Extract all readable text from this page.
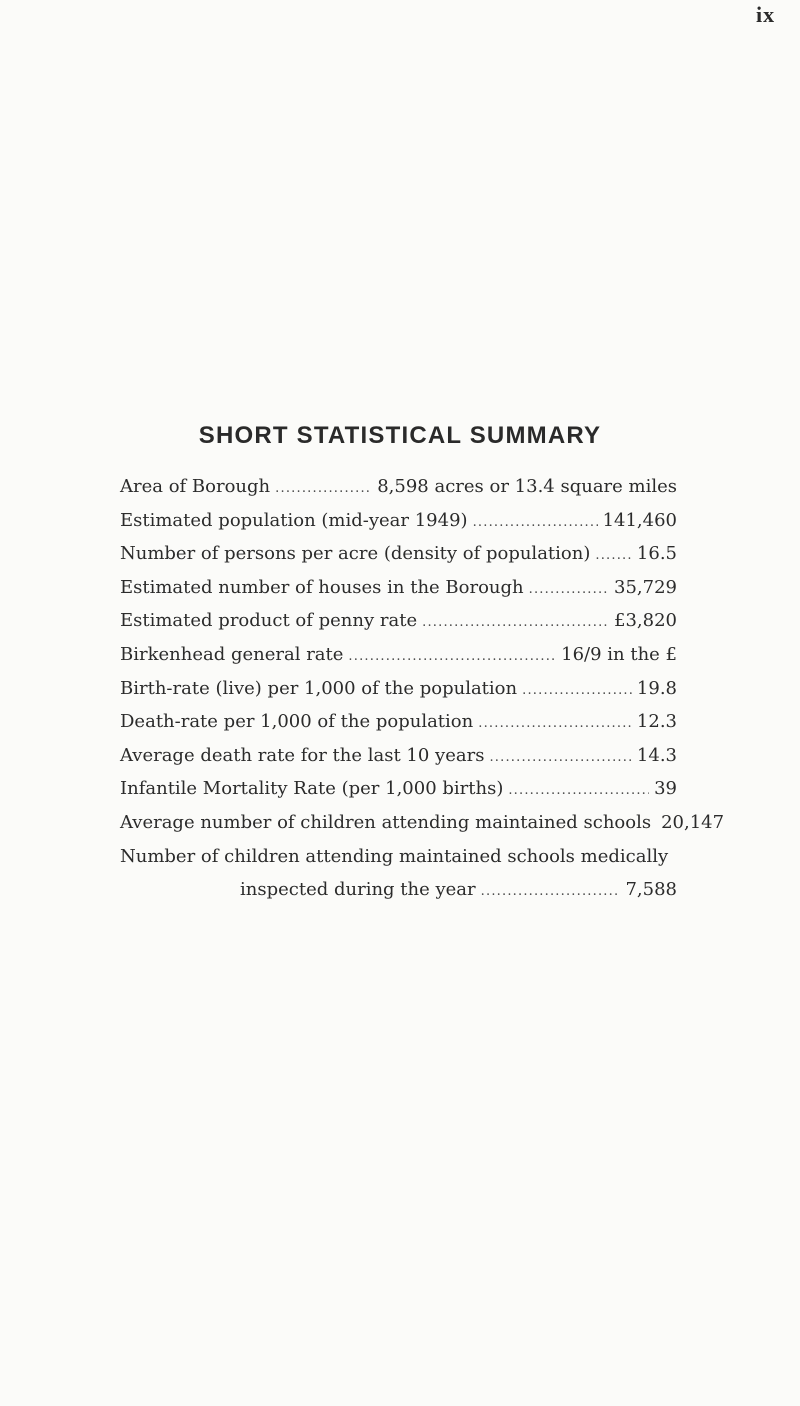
ix
SHORT STATISTICAL SUMMARY
Area of Borough .....	8,598 acres or 13.4 square miles
Estimated population (mid-year 1949) .....	141,460
Number of persons per acre (density of population) .....	16.5
Estimated number of houses in the Borough .....	35,729
Estimated product of penny rate .....	£3,820
Birkenhead general rate .....	16/9 in the £
Birth-rate (live) per 1,000 of the population .....	19.8
Death-rate per 1,000 of the population .....	12.3
Average death rate for the last 10 years .....	14.3
Infantile Mortality Rate (per 1,000 births) .....	39
Average number of children attending maintained schools 20,147
Number of children attending maintained schools medically
inspected during the year .....	7,588
